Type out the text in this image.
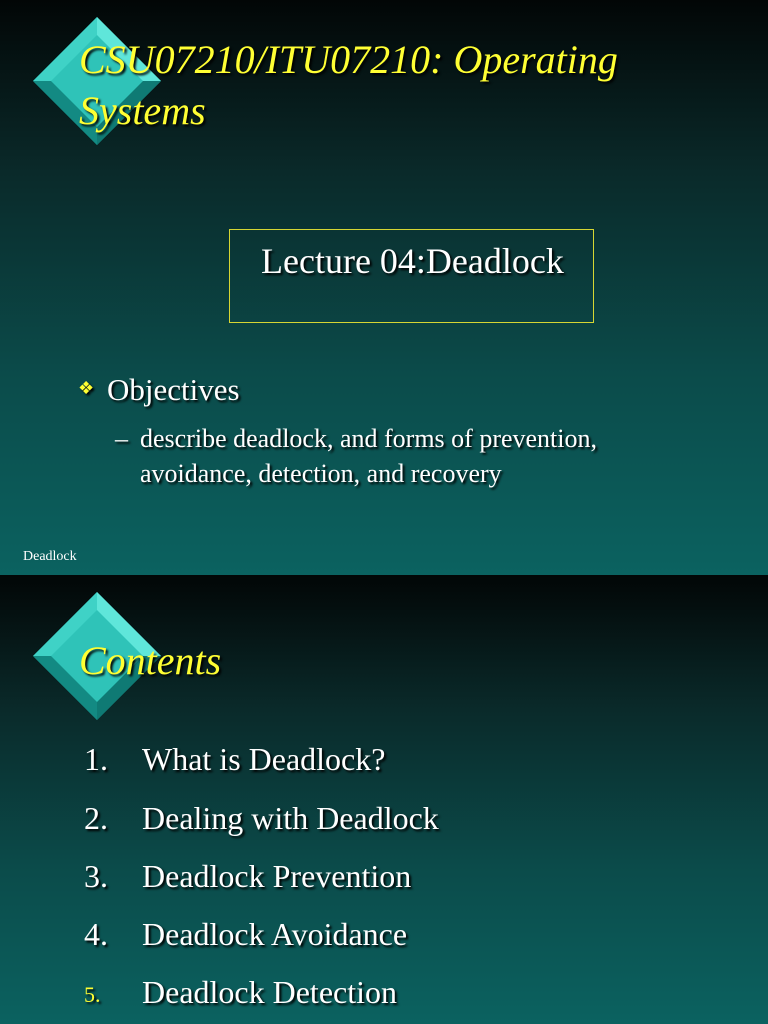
CSU07210/ITU07210: Operating
Systems
Lecture 04:Deadlock
❖ Objectives
– describe deadlock, and forms of prevention,
avoidance, detection, and recovery
Deadlock
Contents
1. What is Deadlock?
2. Dealing with Deadlock
3. Deadlock Prevention
4. Deadlock Avoidance
5. Deadlock Detection
